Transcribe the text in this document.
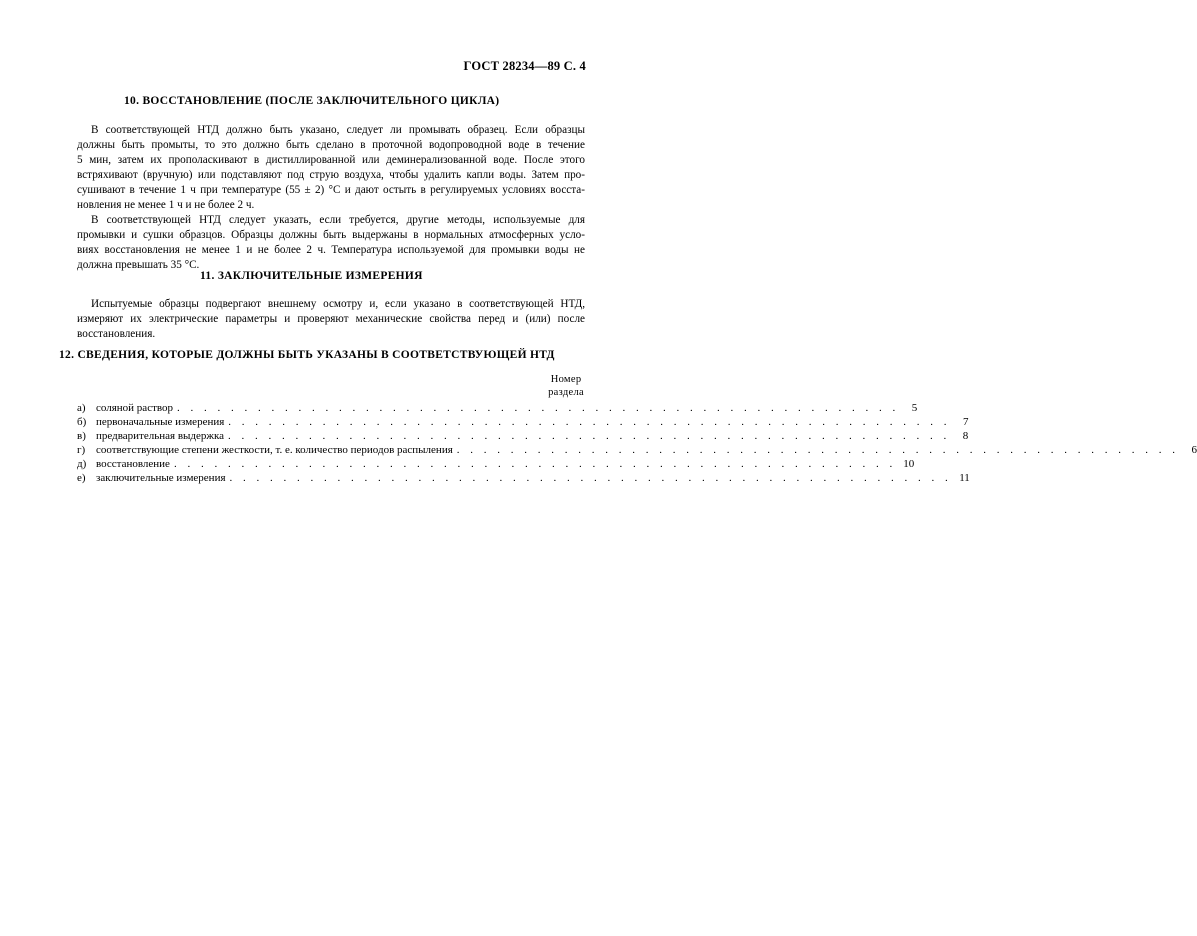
ГОСТ 28234—89 С. 4
10. ВОССТАНОВЛЕНИЕ (ПОСЛЕ ЗАКЛЮЧИТЕЛЬНОГО ЦИКЛА)
В соответствующей НТД должно быть указано, следует ли промывать образец. Если образцы
должны быть промыты, то это должно быть сделано в проточной водопроводной воде в течение
5 мин, затем их прополаскивают в дистиллированной или деминерализованной воде. После этого
встряхивают (вручную) или подставляют под струю воздуха, чтобы удалить капли воды. Затем про-
сушивают в течение 1 ч при температуре (55 ± 2) °С и дают остыть в регулируемых условиях восста-
новления не менее 1 ч и не более 2 ч.
В соответствующей НТД следует указать, если требуется, другие методы, используемые для
промывки и сушки образцов. Образцы должны быть выдержаны в нормальных атмосферных усло-
виях восстановления не менее 1 и не более 2 ч. Температура используемой для промывки воды не
должна превышать 35 °С.
11. ЗАКЛЮЧИТЕЛЬНЫЕ ИЗМЕРЕНИЯ
Испытуемые образцы подвергают внешнему осмотру и, если указано в соответствующей НТД,
измеряют их электрические параметры и проверяют механические свойства перед и (или) после
восстановления.
12. СВЕДЕНИЯ, КОТОРЫЕ ДОЛЖНЫ БЫТЬ УКАЗАНЫ В СООТВЕТСТВУЮЩЕЙ НТД
Номер
раздела
а) соляной раствор . . . . . . . . . . . . . . . . . . . . . . . . . . . . . . . . . . . . . . . . . . . . . . . . . . . . . .	5
б) первоначальные измерения . . . . . . . . . . . . . . . . . . . . . . . . . . . . . . . . . . . . . . . . . . . . . . . . . . . . . .	7
в) предварительная выдержка . . . . . . . . . . . . . . . . . . . . . . . . . . . . . . . . . . . . . . . . . . . . . . . . . . . . . .	8
г) соответствующие степени жесткости, т. е. количество периодов распыления . . . . . . . . . . . . . . . . . . . . . . . . . . . . . . . . . . . . . . . . . . . . . . . . . . . . . .	6
д) восстановление . . . . . . . . . . . . . . . . . . . . . . . . . . . . . . . . . . . . . . . . . . . . . . . . . . . . . . 10
е) заключительные измерения . . . . . . . . . . . . . . . . . . . . . . . . . . . . . . . . . . . . . . . . . . . . . . . . . . . . . . 11
